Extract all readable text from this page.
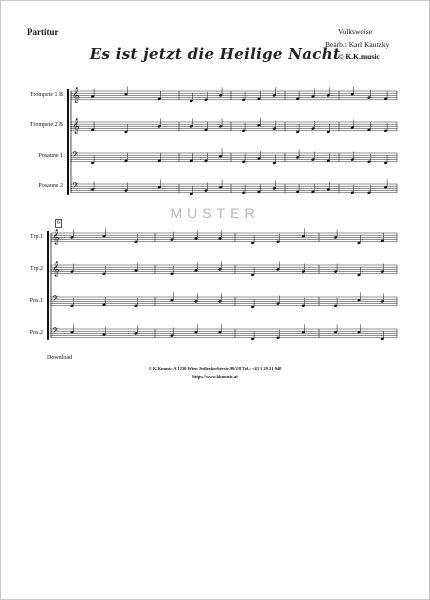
Partitur
Es ist jetzt die Heilige Nacht
Volksweise
Bearb.: Karl Kautzky
© K.K.music
Trompete 1 B
Trompete 2 B
Posaune 1
Posaune 2
MUSTER
6
Trp.1
Trp.2
Pos.1
Pos.2
Download
© K.Kmusic A 1230 Wien Jedlerkerberstr.99/2/8 Tel.: +43 1 29 21 940
https://www.kkmusic.at
𝄞
𝄞
𝄢
𝄢
𝄞
𝄞
𝄢
𝄢
